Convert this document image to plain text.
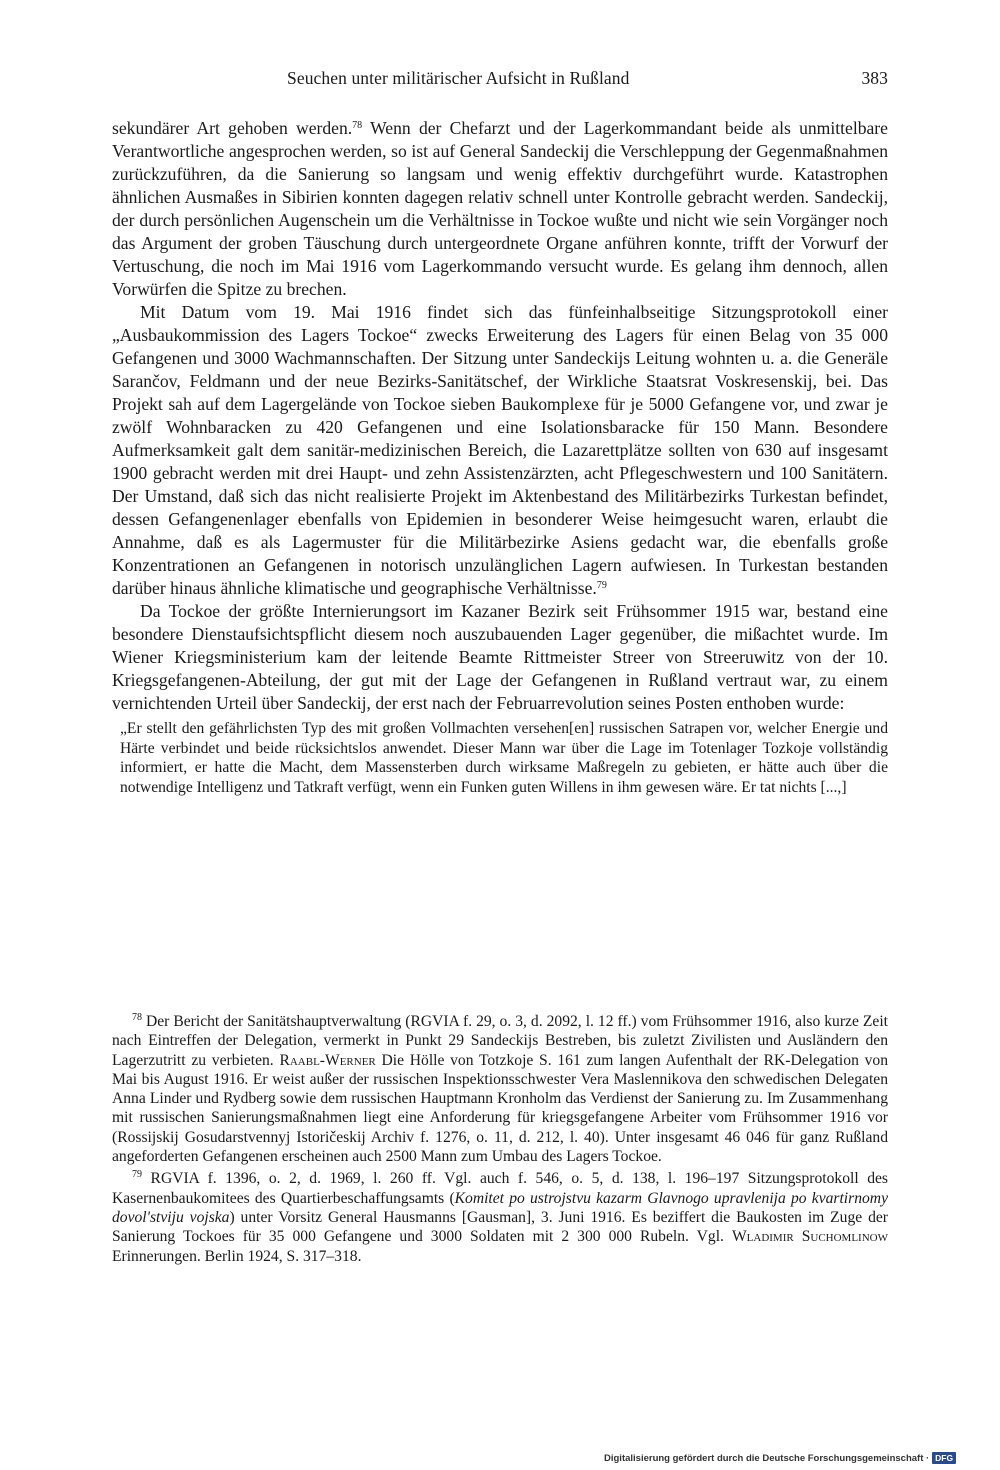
Seuchen unter militärischer Aufsicht in Rußland	383

sekundärer Art gehoben werden.$^{78}$ Wenn der Chefarzt und der Lagerkommandant beide als unmittelbare Verantwortliche angesprochen werden, so ist auf General Sandeckij die Verschleppung der Gegenmaßnahmen zurückzuführen, da die Sanierung so langsam und wenig effektiv durchgeführt wurde. Katastrophen ähnlichen Ausmaßes in Sibirien konnten dagegen relativ schnell unter Kontrolle gebracht werden. Sandeckij, der durch persönlichen Augenschein um die Verhältnisse in Tockoe wußte und nicht wie sein Vorgänger noch das Argument der groben Täuschung durch untergeordnete Organe anführen konnte, trifft der Vorwurf der Vertuschung, die noch im Mai 1916 vom Lagerkommando versucht wurde. Es gelang ihm dennoch, allen Vorwürfen die Spitze zu brechen.

Mit Datum vom 19. Mai 1916 findet sich das fünfeinhalbseitige Sitzungsprotokoll einer „Ausbaukommission des Lagers Tockoe“ zwecks Erweiterung des Lagers für einen Belag von 35 000 Gefangenen und 3000 Wachmannschaften. Der Sitzung unter Sandeckijs Leitung wohnten u. a. die Generäle Sarančov, Feldmann und der neue Bezirks-Sanitätschef, der Wirkliche Staatsrat Voskresenskij, bei. Das Projekt sah auf dem Lagergelände von Tockoe sieben Baukomplexe für je 5000 Gefangene vor, und zwar je zwölf Wohnbaracken zu 420 Gefangenen und eine Isolationsbaracke für 150 Mann. Besondere Aufmerksamkeit galt dem sanitär-medizinischen Bereich, die Lazarettplätze sollten von 630 auf insgesamt 1900 gebracht werden mit drei Haupt- und zehn Assistenzärzten, acht Pflegeschwestern und 100 Sanitätern. Der Umstand, daß sich das nicht realisierte Projekt im Aktenbestand des Militärbezirks Turkestan befindet, dessen Gefangenenlager ebenfalls von Epidemien in besonderer Weise heimgesucht waren, erlaubt die Annahme, daß es als Lagermuster für die Militärbezirke Asiens gedacht war, die ebenfalls große Konzentrationen an Gefangenen in notorisch unzulänglichen Lagern aufwiesen. In Turkestan bestanden darüber hinaus ähnliche klimatische und geographische Verhältnisse.$^{79}$

Da Tockoe der größte Internierungsort im Kazaner Bezirk seit Frühsommer 1915 war, bestand eine besondere Dienstaufsichtspflicht diesem noch auszubauenden Lager gegenüber, die mißachtet wurde. Im Wiener Kriegsministerium kam der leitende Beamte Rittmeister Streer von Streeruwitz von der 10. Kriegsgefangenen-Abteilung, der gut mit der Lage der Gefangenen in Rußland vertraut war, zu einem vernichtenden Urteil über Sandeckij, der erst nach der Februarrevolution seines Posten enthoben wurde:

„Er stellt den gefährlichsten Typ des mit großen Vollmachten versehen[en] russischen Satrapen vor, welcher Energie und Härte verbindet und beide rücksichtslos anwendet. Dieser Mann war über die Lage im Totenlager Tozkoje vollständig informiert, er hatte die Macht, dem Massensterben durch wirksame Maßregeln zu gebieten, er hätte auch über die notwendige Intelligenz und Tatkraft verfügt, wenn ein Funken guten Willens in ihm gewesen wäre. Er tat nichts [...,]

$^{78}$ Der Bericht der Sanitätshauptverwaltung (RGVIA f. 29, o. 3, d. 2092, l. 12 ff.) vom Frühsommer 1916, also kurze Zeit nach Eintreffen der Delegation, vermerkt in Punkt 29 Sandeckijs Bestreben, bis zuletzt Zivilisten und Ausländern den Lagerzutritt zu verbieten. Raabl-Werner Die Hölle von Totzkoje S. 161 zum langen Aufenthalt der RK-Delegation von Mai bis August 1916. Er weist außer der russischen Inspektionsschwester Vera Maslennikova den schwedischen Delegaten Anna Linder und Rydberg sowie dem russischen Hauptmann Kronholm das Verdienst der Sanierung zu. Im Zusammenhang mit russischen Sanierungsmaßnahmen liegt eine Anforderung für kriegsgefangene Arbeiter vom Frühsommer 1916 vor (Rossijskij Gosudarstvennyj Istoričeskij Archiv f. 1276, o. 11, d. 212, l. 40). Unter insgesamt 46 046 für ganz Rußland angeforderten Gefangenen erscheinen auch 2500 Mann zum Umbau des Lagers Tockoe.

$^{79}$ RGVIA f. 1396, o. 2, d. 1969, l. 260 ff. Vgl. auch f. 546, o. 5, d. 138, l. 196–197 Sitzungsprotokoll des Kasernenbaukomitees des Quartierbeschaffungsamts (Komitet po ustrojstvu kazarm Glavnogo upravlenija po kvartirnomy dovol'stviju vojska) unter Vorsitz General Hausmanns [Gausman], 3. Juni 1916. Es beziffert die Baukosten im Zuge der Sanierung Tockoes für 35 000 Gefangene und 3000 Soldaten mit 2 300 000 Rubeln. Vgl. Wladimir Suchomlinow Erinnerungen. Berlin 1924, S. 317–318.

Digitalisierung gefördert durch die Deutsche Forschungsgemeinschaft · DFG
